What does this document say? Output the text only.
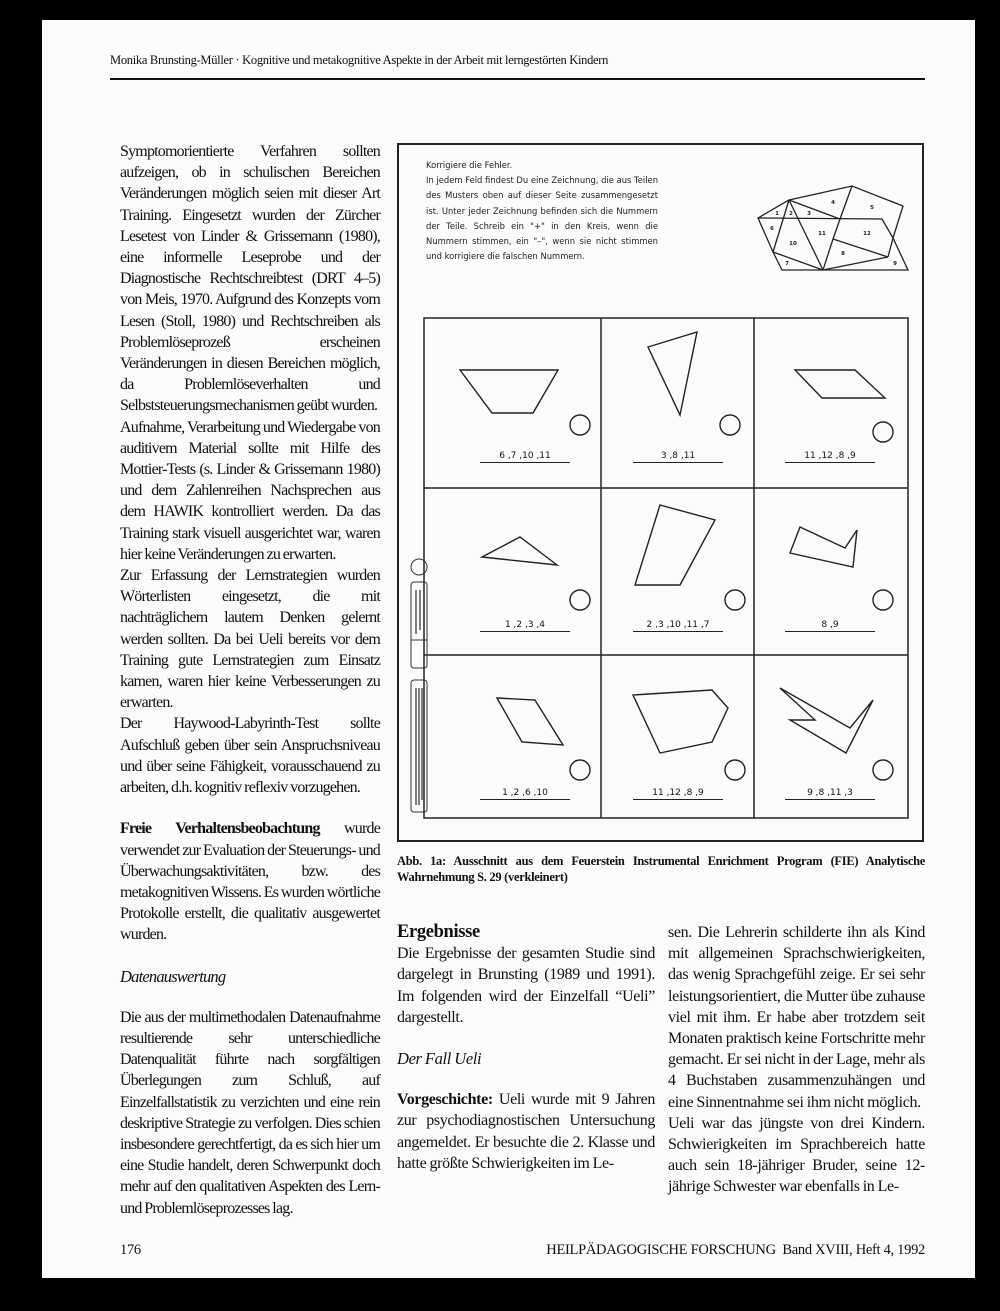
Monika Brunsting-Müller · Kognitive und metakognitive Aspekte in der Arbeit mit lerngestörten Kindern

Symptomorientierte Verfahren sollten aufzeigen, ob in schulischen Bereichen Veränderungen möglich seien mit dieser Art Training. Eingesetzt wurden der Zürcher Lesetest von Linder & Grissemann (1980), eine informelle Leseprobe und der Diagnostische Rechtschreibtest (DRT 4–5) von Meis, 1970. Aufgrund des Konzepts vom Lesen (Stoll, 1980) und Rechtschreiben als Problemlöseprozeß erscheinen Veränderungen in diesen Bereichen möglich, da Problemlöseverhalten und Selbststeuerungsmechanismen geübt wurden.

Aufnahme, Verarbeitung und Wiedergabe von auditivem Material sollte mit Hilfe des Mottier-Tests (s. Linder & Grissemann 1980) und dem Zahlenreihen Nachsprechen aus dem HAWIK kontrolliert werden. Da das Training stark visuell ausgerichtet war, waren hier keine Veränderungen zu erwarten.

Zur Erfassung der Lernstrategien wurden Wörterlisten eingesetzt, die mit nachträglichem lautem Denken gelernt werden sollten. Da bei Ueli bereits vor dem Training gute Lernstrategien zum Einsatz kamen, waren hier keine Verbesserungen zu erwarten.

Der Haywood-Labyrinth-Test sollte Aufschluß geben über sein Anspruchsniveau und über seine Fähigkeit, vorausschauend zu arbeiten, d.h. kognitiv reflexiv vorzugehen.

Freie Verhaltensbeobachtung wurde verwendet zur Evaluation der Steuerungs- und Überwachungsaktivitäten, bzw. des metakognitiven Wissens. Es wurden wörtliche Protokolle erstellt, die qualitativ ausgewertet wurden.

Datenauswertung

Die aus der multimethodalen Datenaufnahme resultierende sehr unterschiedliche Datenqualität führte nach sorgfältigen Überlegungen zum Schluß, auf Einzelfallstatistik zu verzichten und eine rein deskriptive Strategie zu verfolgen. Dies schien insbesondere gerechtfertigt, da es sich hier um eine Studie handelt, deren Schwerpunkt doch mehr auf den qualitativen Aspekten des Lern- und Problemlöseprozesses lag.

Korrigiere die Fehler.

In jedem Feld findest Du eine Zeichnung, die aus Teilen des Musters oben auf dieser Seite zusammengesetzt ist. Unter jeder Zeichnung befinden sich die Nummern der Teile. Schreib ein "+" in den Kreis, wenn die Nummern stimmen, ein "–", wenn sie nicht stimmen und korrigiere die falschen Nummern.

1 2	3
4
5
6
7
8
9
10
11	12
6 ,7 ,10 ,11	3 ,8 ,11	11 ,12 ,8 ,9
1 ,2 ,3 ,4	2 ,3 ,10 ,11 ,7	8 ,9
1 ,2 ,6 ,10	11 ,12 ,8 ,9	9 ,8 ,11 ,3
Abb. 1a: Ausschnitt aus dem Feuerstein Instrumental Enrichment Program (FIE) Analytische Wahrnehmung S. 29 (verkleinert)

Ergebnisse

Die Ergebnisse der gesamten Studie sind dargelegt in Brunsting (1989 und 1991). Im folgenden wird der Einzelfall “Ueli” dargestellt.

Der Fall Ueli

Vorgeschichte: Ueli wurde mit 9 Jahren zur psychodiagnostischen Untersuchung angemeldet. Er besuchte die 2. Klasse und hatte größte Schwierigkeiten im Le-

sen. Die Lehrerin schilderte ihn als Kind mit allgemeinen Sprachschwierigkeiten, das wenig Sprachgefühl zeige. Er sei sehr leistungsorientiert, die Mutter übe zuhause viel mit ihm. Er habe aber trotzdem seit Monaten praktisch keine Fortschritte mehr gemacht. Er sei nicht in der Lage, mehr als 4 Buchstaben zusammenzuhängen und eine Sinnentnahme sei ihm nicht möglich.

Ueli war das jüngste von drei Kindern. Schwierigkeiten im Sprachbereich hatte auch sein 18-jähriger Bruder, seine 12-jährige Schwester war ebenfalls in Le-

176	HEILPÄDAGOGISCHE FORSCHUNG  Band XVIII, Heft 4, 1992
